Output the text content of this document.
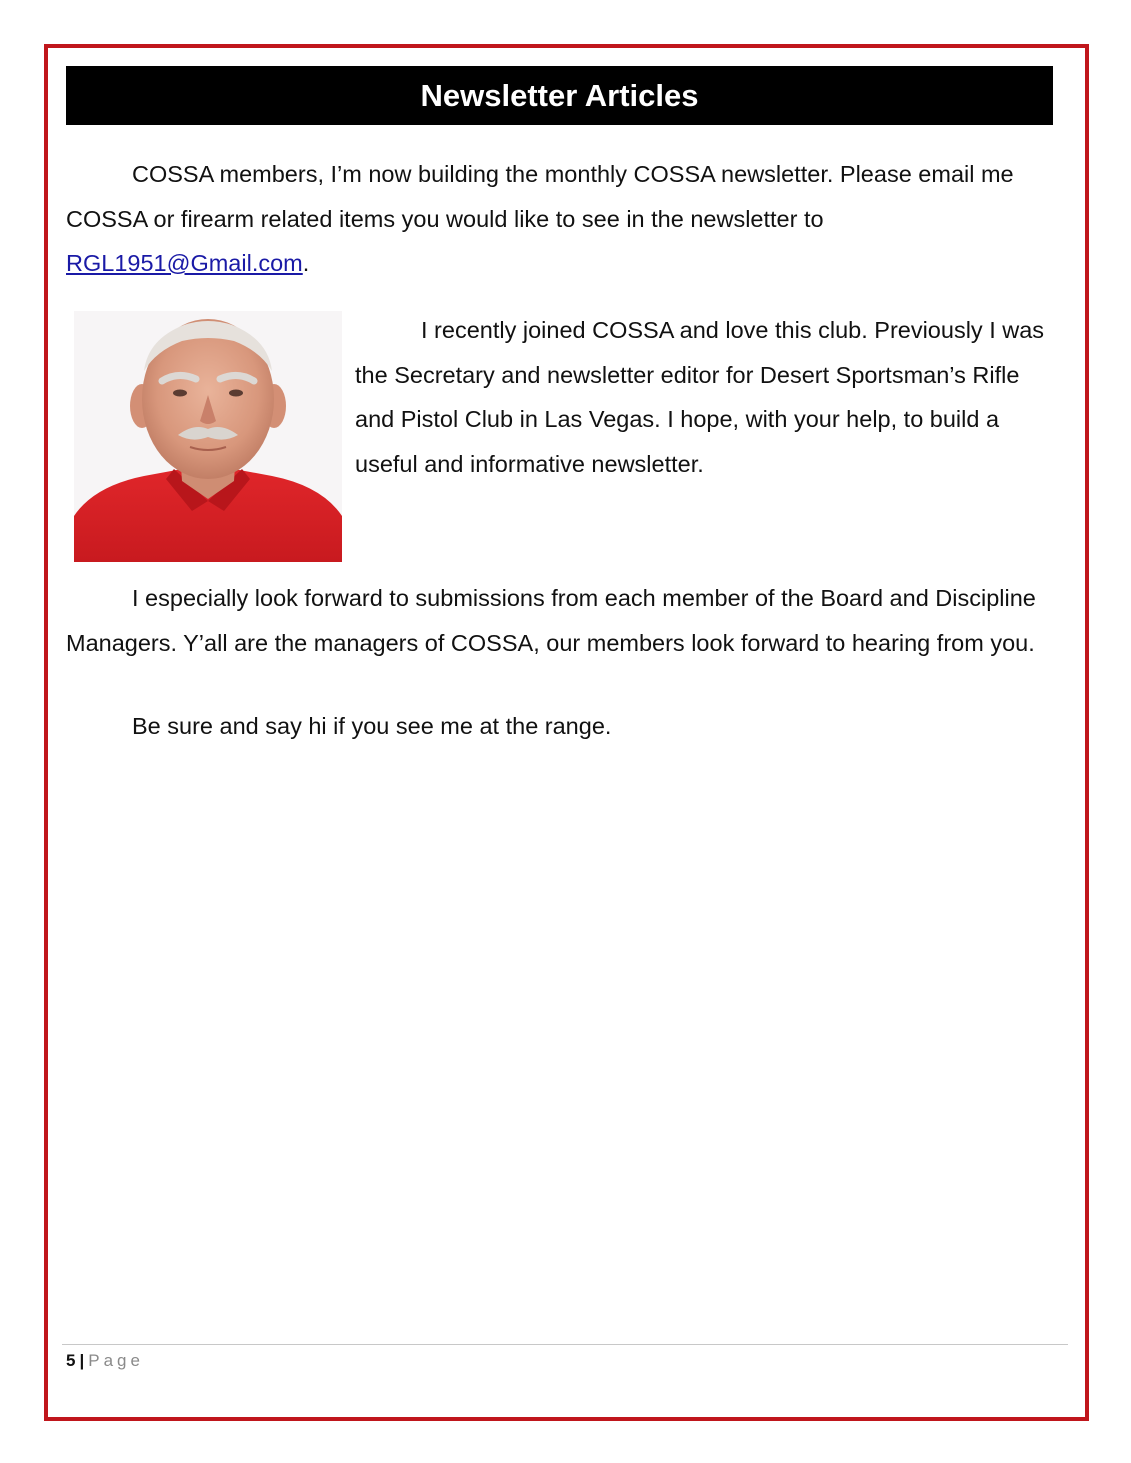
Newsletter Articles

COSSA members, I’m now building the monthly COSSA newsletter. Please email me COSSA or firearm related items you would like to see in the newsletter to RGL1951@Gmail.com.

I recently joined COSSA and love this club. Previously I was the Secretary and newsletter editor for Desert Sportsman’s Rifle and Pistol Club in Las Vegas. I hope, with your help, to build a useful and informative newsletter.

I especially look forward to submissions from each member of the Board and Discipline Managers. Y’all are the managers of COSSA, our members look forward to hearing from you.

Be sure and say hi if you see me at the range.

5 | Page
